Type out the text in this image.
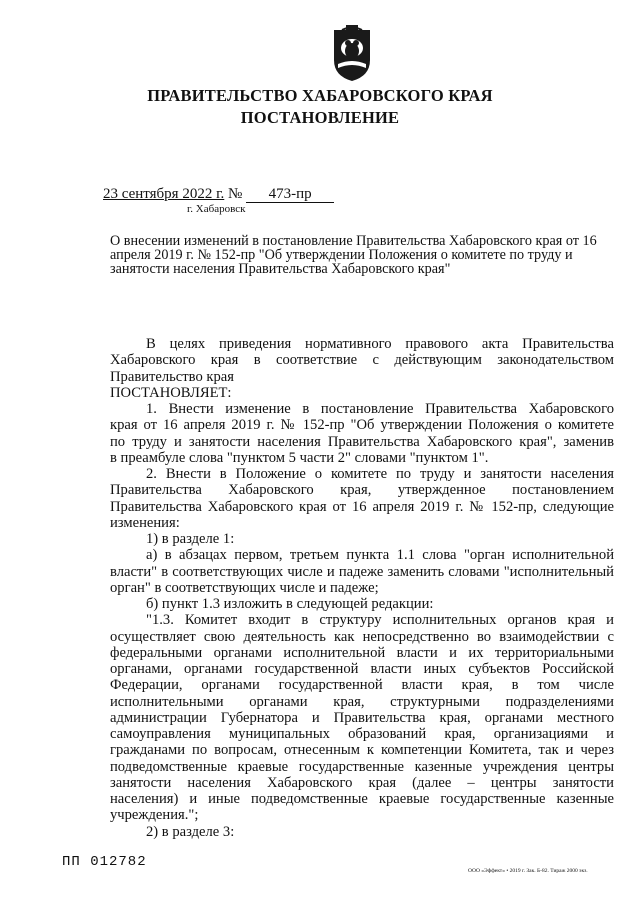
ПРАВИТЕЛЬСТВО ХАБАРОВСКОГО КРАЯ
ПОСТАНОВЛЕНИЕ
23 сентября 2022 г. № 473-пр
г. Хабаровск
О внесении изменений в постановление Правительства Хабаровского края от 16 апреля 2019 г. № 152-пр "Об утверждении Положения о комитете по труду и занятости населения Правительства Хабаровского края"
В целях приведения нормативного правового акта Правительства
Хабаровского края в соответствие с действующим законодательством
Правительство края
ПОСТАНОВЛЯЕТ:
1. Внести изменение в постановление Правительства Хабаровского
края от 16 апреля 2019 г. № 152-пр "Об утверждении Положения о комитете
по труду и занятости населения Правительства Хабаровского края", заменив
в преамбуле слова "пунктом 5 части 2" словами "пунктом 1".
2. Внести в Положение о комитете по труду и занятости населения
Правительства Хабаровского края, утвержденное постановлением
Правительства Хабаровского края от 16 апреля 2019 г. № 152-пр, следующие
изменения:
1) в разделе 1:
а) в абзацах первом, третьем пункта 1.1 слова "орган исполнительной
власти" в соответствующих числе и падеже заменить словами "исполнительный
орган" в соответствующих числе и падеже;
б) пункт 1.3 изложить в следующей редакции:
"1.3. Комитет входит в структуру исполнительных органов края и
осуществляет свою деятельность как непосредственно во взаимодействии с
федеральными органами исполнительной власти и их территориальными
органами, органами государственной власти иных субъектов Российской
Федерации, органами государственной власти края, в том числе
исполнительными органами края, структурными подразделениями
администрации Губернатора и Правительства края, органами местного
самоуправления муниципальных образований края, организациями и
гражданами по вопросам, отнесенным к компетенции Комитета, так и через
подведомственные краевые государственные казенные учреждения центры
занятости населения Хабаровского края (далее – центры занятости
населения) и иные подведомственные краевые государственные казенные
учреждения.";
2) в разделе 3:
ПП 012782
ООО «Эффект» • 2019 г. Зак. Б-82. Тираж 2000 экз.
